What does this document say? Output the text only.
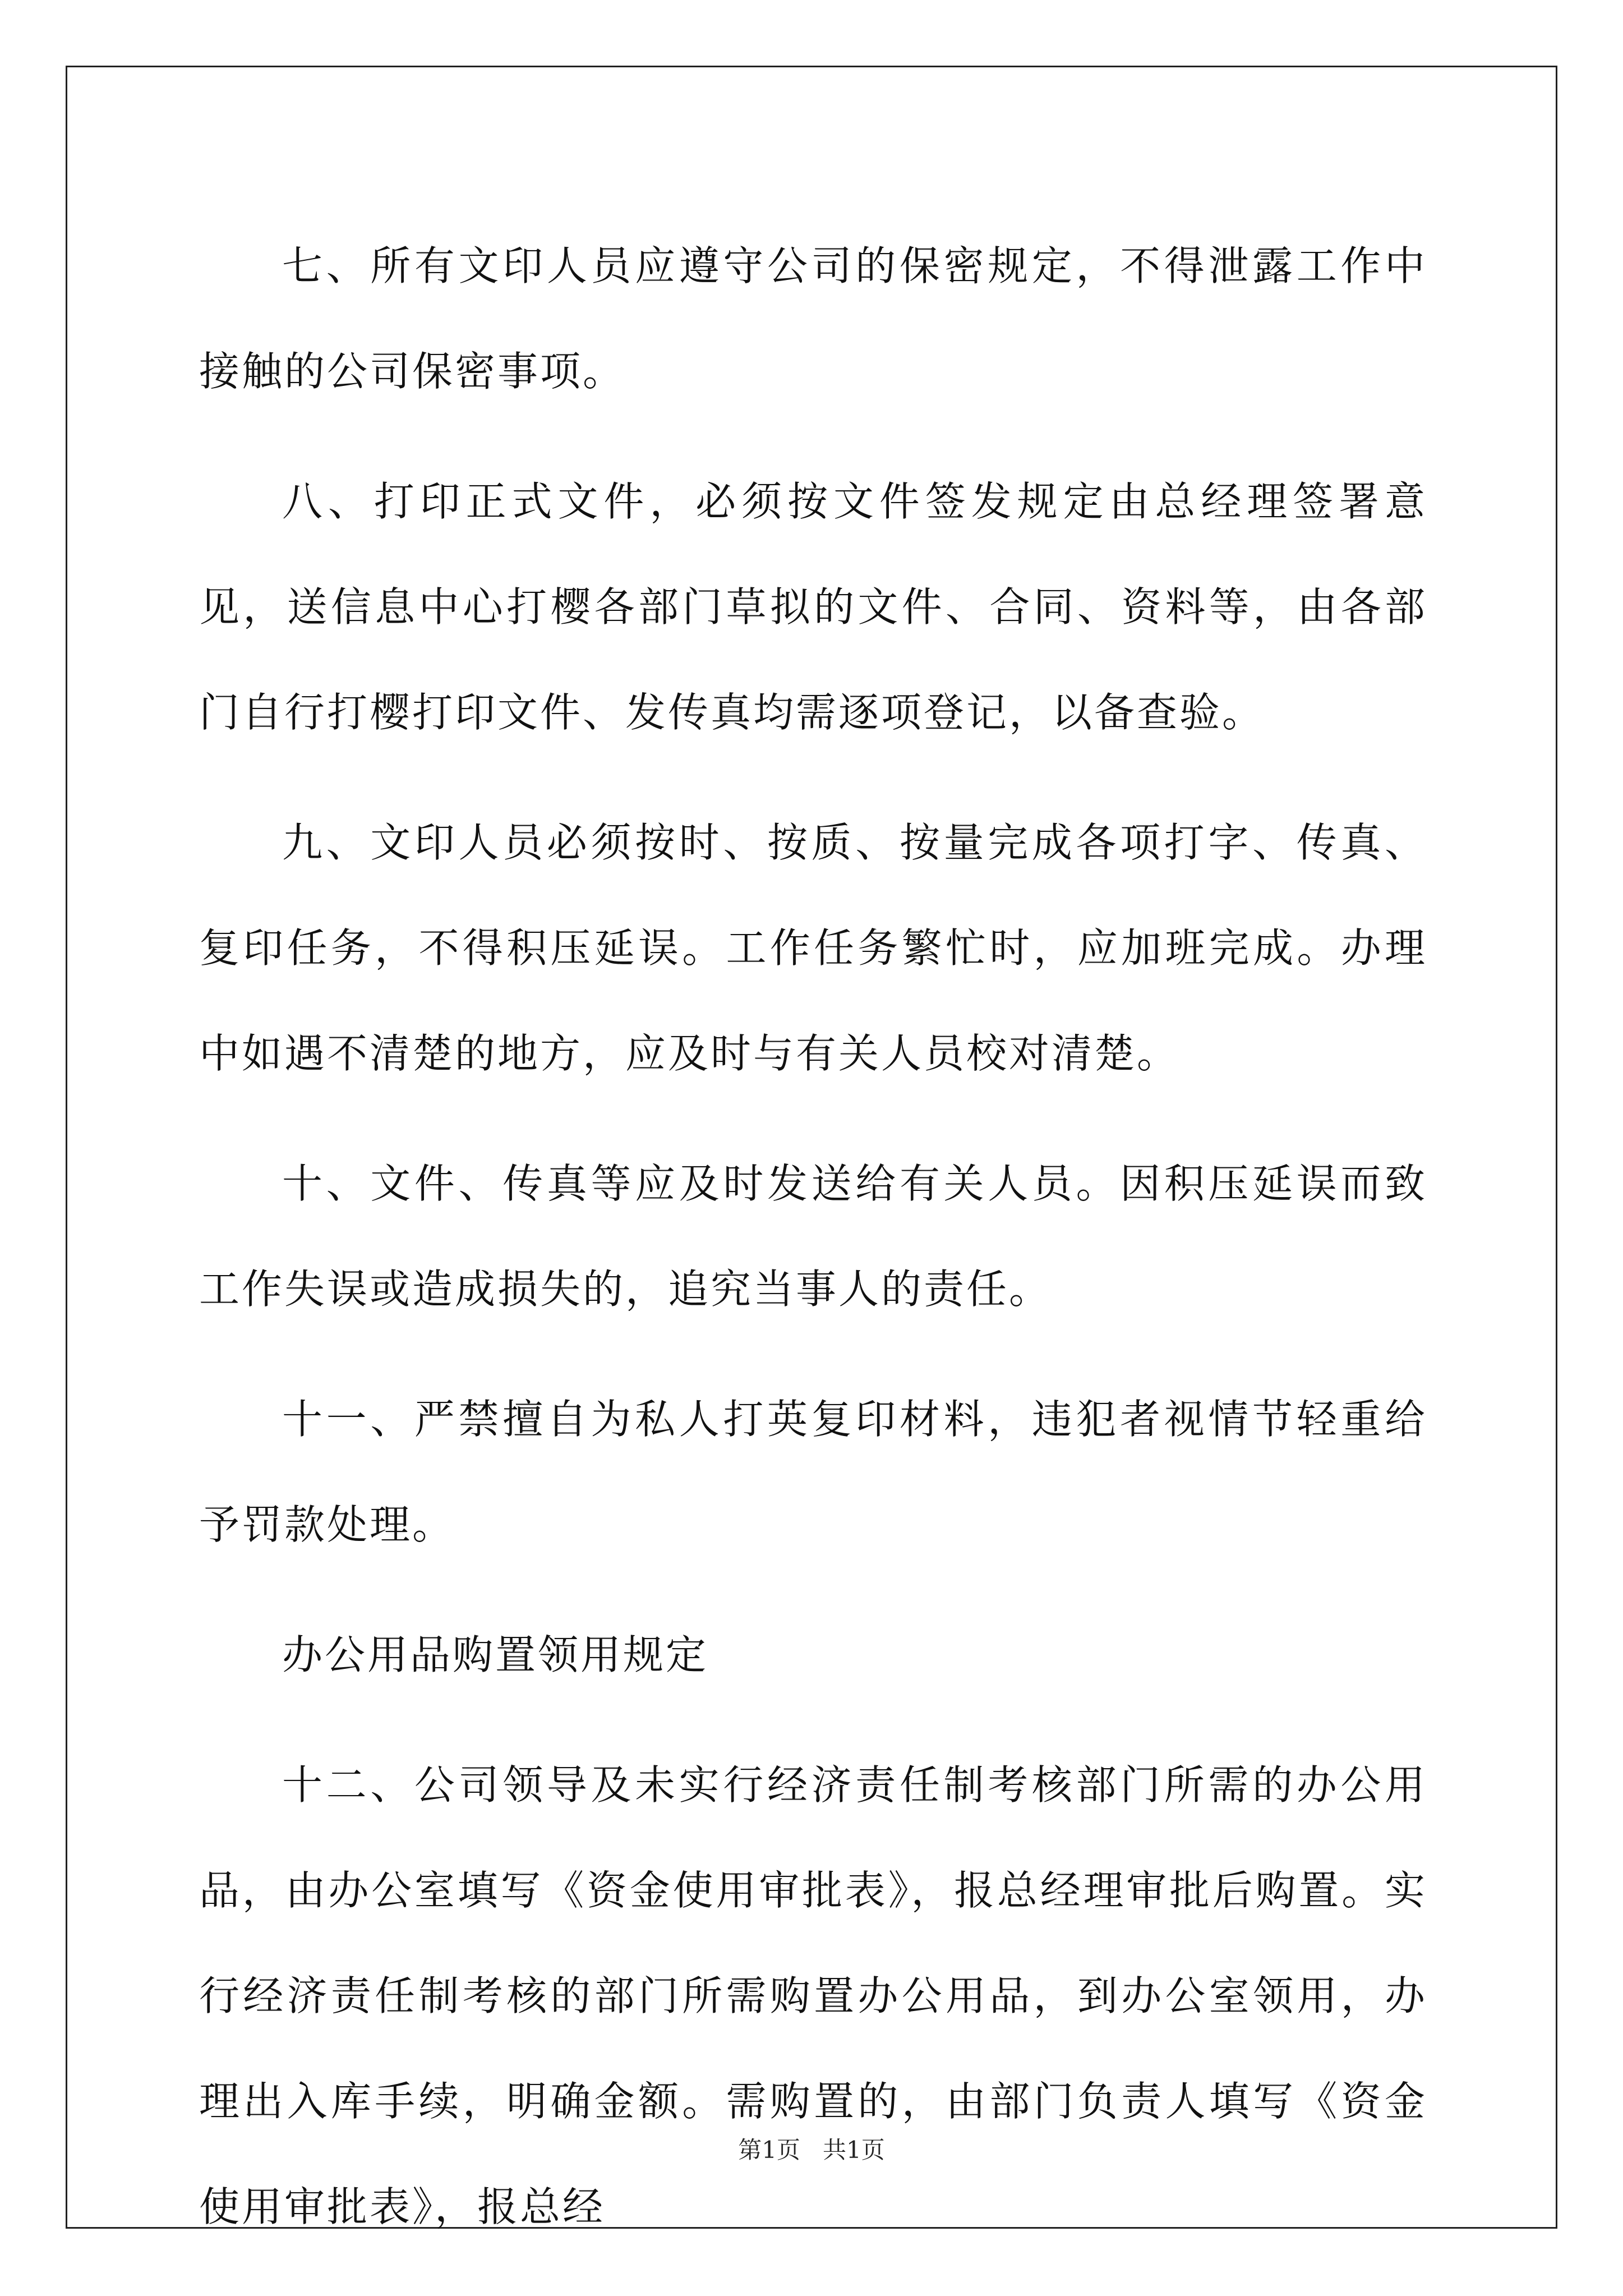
七、所有文印人员应遵守公司的保密规定，不得泄露工作中接触的公司保密事项。

八、打印正式文件，必须按文件签发规定由总经理签署意见，送信息中心打樱各部门草拟的文件、合同、资料等，由各部门自行打樱打印文件、发传真均需逐项登记，以备查验。

九、文印人员必须按时、按质、按量完成各项打字、传真、复印任务，不得积压延误。工作任务繁忙时，应加班完成。办理中如遇不清楚的地方，应及时与有关人员校对清楚。

十、文件、传真等应及时发送给有关人员。因积压延误而致工作失误或造成损失的，追究当事人的责任。

十一、严禁擅自为私人打英复印材料，违犯者视情节轻重给予罚款处理。

办公用品购置领用规定

十二、公司领导及未实行经济责任制考核部门所需的办公用品，由办公室填写《资金使用审批表》，报总经理审批后购置。实行经济责任制考核的部门所需购置办公用品，到办公室领用，办理出入库手续，明确金额。需购置的，由部门负责人填写《资金使用审批表》，报总经

第1页   共1页
